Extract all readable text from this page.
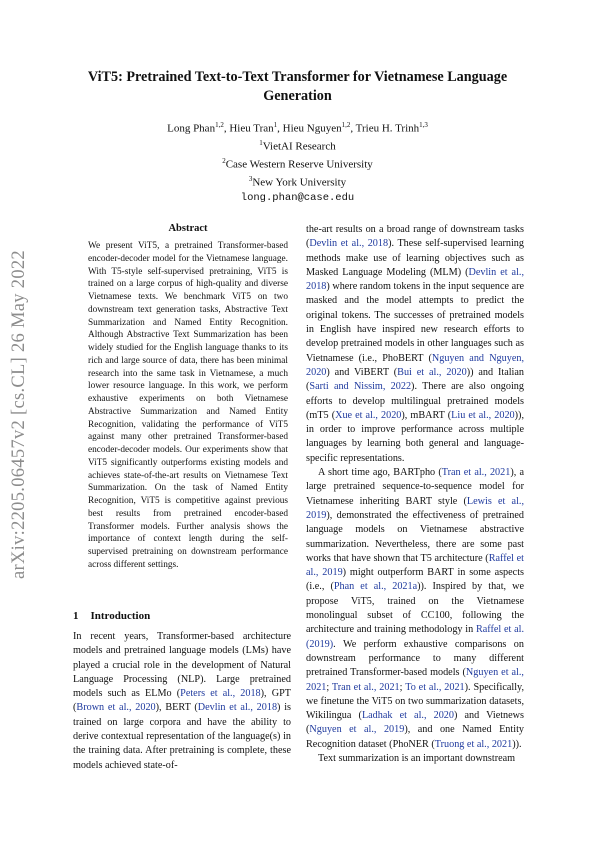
arXiv:2205.06457v2 [cs.CL] 26 May 2022
ViT5: Pretrained Text-to-Text Transformer for Vietnamese Language Generation
Long Phan$^{1,2}$, Hieu Tran$^1$, Hieu Nguyen$^{1,2}$, Trieu H. Trinh$^{1,3}$
$^1$VietAI Research
$^2$Case Western Reserve University
$^3$New York University
long.phan@case.edu
Abstract
We present ViT5, a pretrained Transformer-based encoder-decoder model for the Vietnamese language. With T5-style self-supervised pretraining, ViT5 is trained on a large corpus of high-quality and diverse Vietnamese texts. We benchmark ViT5 on two downstream text generation tasks, Abstractive Text Summarization and Named Entity Recognition. Although Abstractive Text Summarization has been widely studied for the English language thanks to its rich and large source of data, there has been minimal research into the same task in Vietnamese, a much lower resource language. In this work, we perform exhaustive experiments on both Vietnamese Abstractive Summarization and Named Entity Recognition, validating the performance of ViT5 against many other pretrained Transformer-based encoder-decoder models. Our experiments show that ViT5 significantly outperforms existing models and achieves state-of-the-art results on Vietnamese Text Summarization. On the task of Named Entity Recognition, ViT5 is competitive against previous best results from pretrained encoder-based Transformer models. Further analysis shows the importance of context length during the self-supervised pretraining on downstream performance across different settings.
1 Introduction

In recent years, Transformer-based architecture models and pretrained language models (LMs) have played a crucial role in the development of Natural Language Processing (NLP). Large pretrained models such as ELMo (Peters et al., 2018), GPT (Brown et al., 2020), BERT (Devlin et al., 2018) is trained on large corpora and have the ability to derive contextual representation of the language(s) in the training data. After pretraining is complete, these models achieved state-of-

the-art results on a broad range of downstream tasks (Devlin et al., 2018). These self-supervised learning methods make use of learning objectives such as Masked Language Modeling (MLM) (Devlin et al., 2018) where random tokens in the input sequence are masked and the model attempts to predict the original tokens. The successes of pretrained models in English have inspired new research efforts to develop pretrained models in other languages such as Vietnamese (i.e., PhoBERT (Nguyen and Nguyen, 2020) and ViBERT (Bui et al., 2020)) and Italian (Sarti and Nissim, 2022). There are also ongoing efforts to develop multilingual pretrained models (mT5 (Xue et al., 2020), mBART (Liu et al., 2020)), in order to improve performance across multiple languages by learning both general and language-specific representations.

A short time ago, BARTpho (Tran et al., 2021), a large pretrained sequence-to-sequence model for Vietnamese inheriting BART style (Lewis et al., 2019), demonstrated the effectiveness of pretrained language models on Vietnamese abstractive summarization. Nevertheless, there are some past works that have shown that T5 architecture (Raffel et al., 2019) might outperform BART in some aspects (i.e., (Phan et al., 2021a)). Inspired by that, we propose ViT5, trained on the Vietnamese monolingual subset of CC100, following the architecture and training methodology in Raffel et al. (2019). We perform exhaustive comparisons on downstream performance to many different pretrained Transformer-based models (Nguyen et al., 2021; Tran et al., 2021; To et al., 2021). Specifically, we finetune the ViT5 on two summarization datasets, Wikilingua (Ladhak et al., 2020) and Vietnews (Nguyen et al., 2019), and one Named Entity Recognition dataset (PhoNER (Truong et al., 2021)).

Text summarization is an important downstream
